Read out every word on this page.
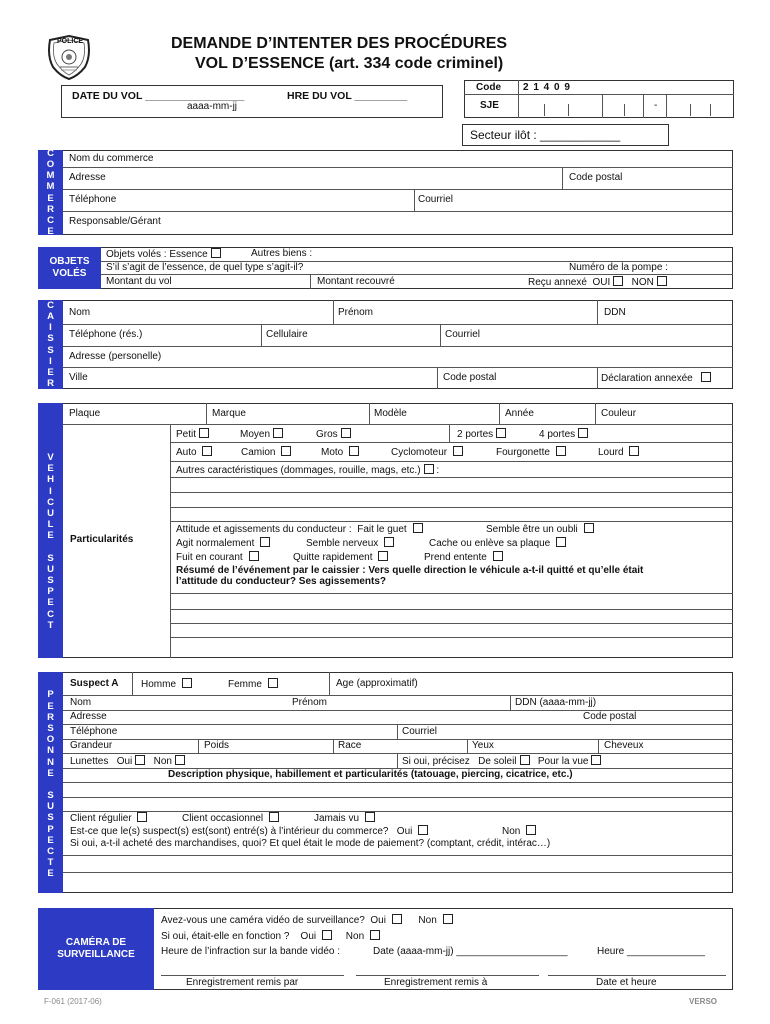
POLICE	DEMANDE D’INTENTER DES PROCÉDURES
VOL D’ESSENCE (art. 334 code criminel)
DATE DU VOL _________________	HRE DU VOL _________
aaaa-mm-jj
Code 2 1 4 0 9
SJE	-
Secteur ilôt : ____________
C
O
M
M
E
R
C
E
Nom du commerce
Adresse	Code postal
Téléphone	Courriel
Responsable/Gérant
OBJETS
VOLÉS
Objets volés : Essence	Autres biens :
S’il s’agit de l’essence, de quel type s’agit-il?	Numéro de la pompe :
Montant du vol	Montant recouvré	Reçu annexé OUI NON
C
A
I
S
S
I
E
R
Nom	Prénom	DDN
Téléphone (rés.)	Cellulaire	Courriel
Adresse (personelle)
Ville	Code postal	Déclaration annexée
V
E
H
I
C
U
L
E
S
U
S
P
E
C
T
Plaque	Marque	Modèle	Année	Couleur
Particularités
Petit	Moyen	Gros	2 portes	4 portes
Auto	Camion	Moto	Cyclomoteur	Fourgonette	Lourd
Autres caractéristiques (dommages, rouille, mags, etc.) :
Attitude et agissements du conducteur : Fait le guet	Semble être un oubli
Agit normalement	Semble nerveux	Cache ou enlève sa plaque
Fuit en courant	Quitte rapidement	Prend entente
Résumé de l’événement par le caissier : Vers quelle direction le véhicule a-t-il quitté et qu’elle était
l’attitude du conducteur? Ses agissements?
P
E
R
S
O
N
N
E
S
U
S
P
E
C
T
E
Suspect A Homme	Femme	Age (approximatif)
Nom	Prénom	DDN (aaaa-mm-jj)
Adresse	Code postal
Téléphone	Courriel
Grandeur	Poids	Race	Yeux	Cheveux
Lunettes Oui Non	Si oui, précisez De soleil Pour la vue
Description physique, habillement et particularités (tatouage, piercing, cicatrice, etc.)
Client régulier	Client occasionnel	Jamais vu
Est-ce que le(s) suspect(s) est(sont) entré(s) à l’intérieur du commerce? Oui	Non
Si oui, a-t-il acheté des marchandises, quoi? Et quel était le mode de paiement? (comptant, crédit, intérac…)
CAMÉRA DE
SURVEILLANCE
Avez-vous une caméra vidéo de surveillance? Oui	Non
Si oui, était-elle en fonction ? Oui	Non
Heure de l’infraction sur la bande vidéo :	Date (aaaa-mm-jj) ____________________	Heure ______________
Enregistrement remis par	Enregistrement remis à	Date et heure
F-061 (2017-06)	VERSO
